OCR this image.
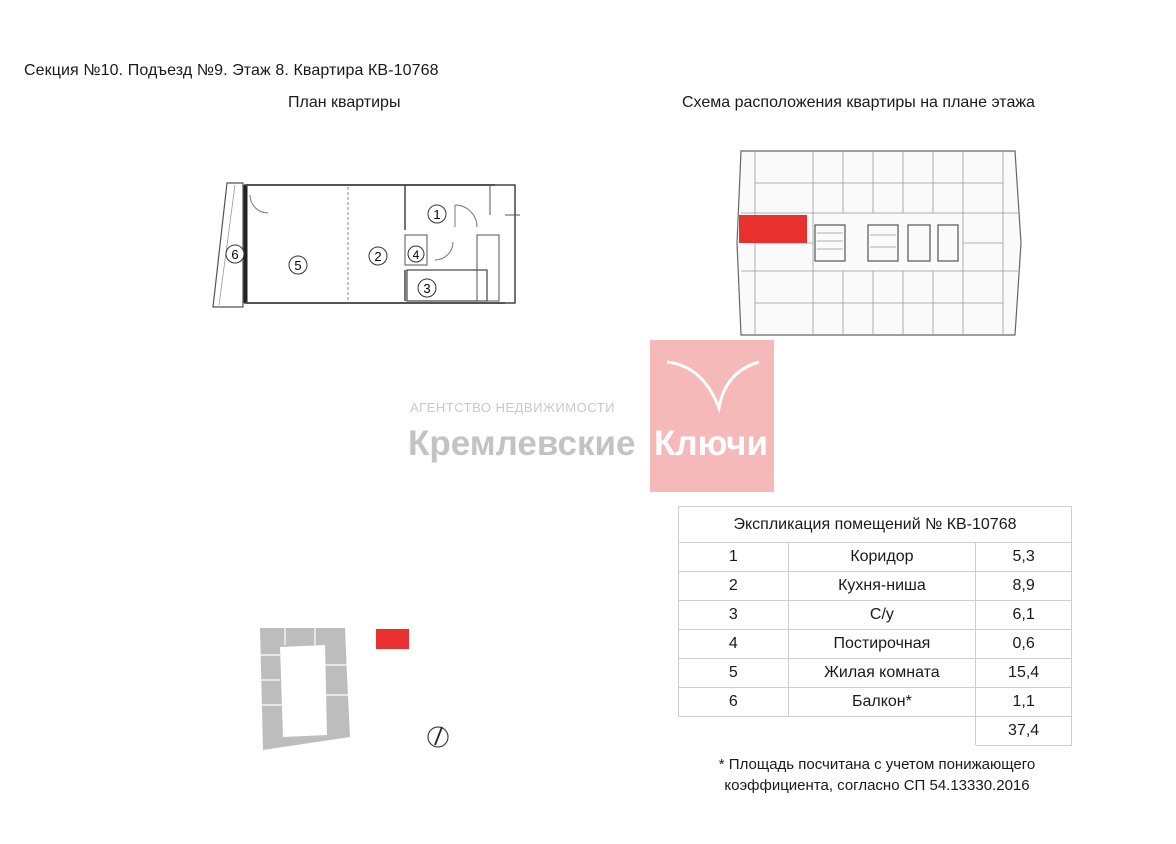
Секция №10. Подъезд №9. Этаж 8. Квартира КВ-10768
План квартиры	Схема расположения квартиры на плане этажа
1
2
3
4
5
6
АГЕНТСТВО НЕДВИЖИМОСТИ
Кремлевские Ключи
Экспликация помещений № КВ-10768		
1	Коридор	5,3
2	Кухня-ниша	8,9
3	С/у	6,1
4	Постирочная	0,6
5	Жилая комната	15,4
6	Балкон*	1,1
		37,4
* Площадь посчитана с учетом понижающего
коэффициента, согласно СП 54.13330.2016
